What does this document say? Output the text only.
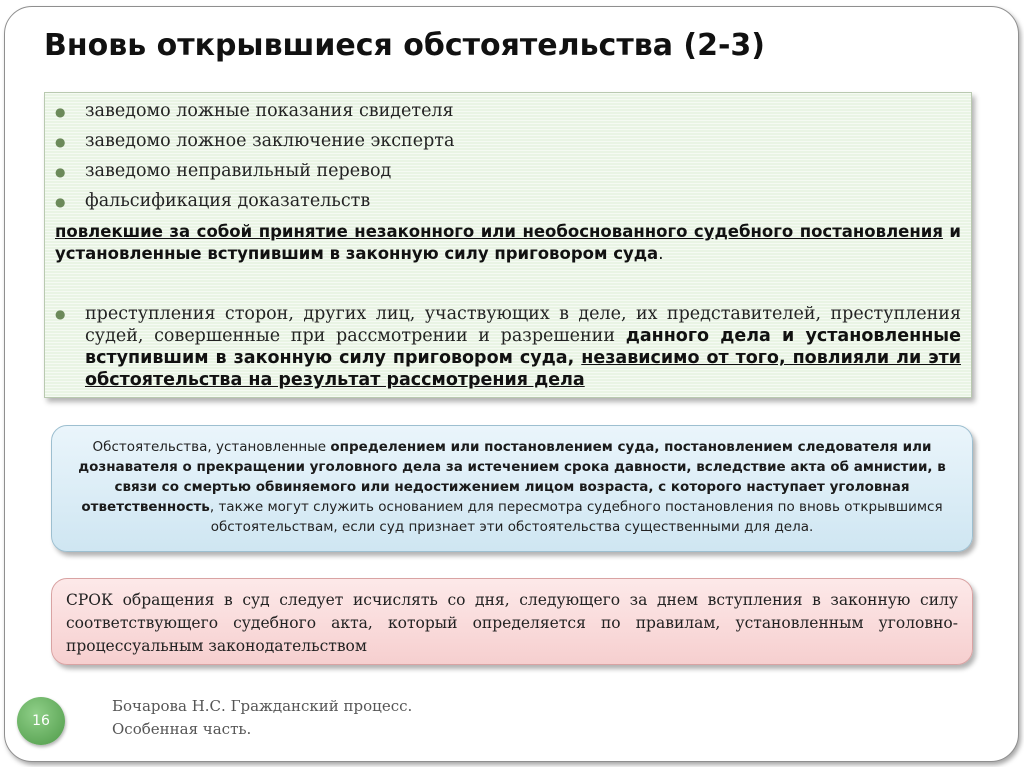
Вновь открывшиеся обстоятельства (2-3)
●	заведомо ложные показания свидетеля
●	заведомо ложное заключение эксперта
●	заведомо неправильный перевод
●	фальсификация доказательств
повлекшие за собой принятие незаконного или необоснованного судебного постановления и установленные вступившим в законную силу приговором суда.
●	преступления сторон, других лиц, участвующих в деле, их представителей, преступления судей, совершенные при рассмотрении и разрешении данного дела и установленные вступившим в законную силу приговором суда, независимо от того, повлияли ли эти обстоятельства на результат рассмотрения дела
Обстоятельства, установленные определением или постановлением суда, постановлением следователя или дознавателя о прекращении уголовного дела за истечением срока давности, вследствие акта об амнистии, в связи со смертью обвиняемого или недостижением лицом возраста, с которого наступает уголовная ответственность, также могут служить основанием для пересмотра судебного постановления по вновь открывшимся обстоятельствам, если суд признает эти обстоятельства существенными для дела.
СРОК обращения в суд следует исчислять со дня, следующего за днем вступления в законную силу соответствующего судебного акта, который определяется по правилам, установленным уголовно-процессуальным законодательством
16
Бочарова Н.С. Гражданский процесс.
Особенная часть.
